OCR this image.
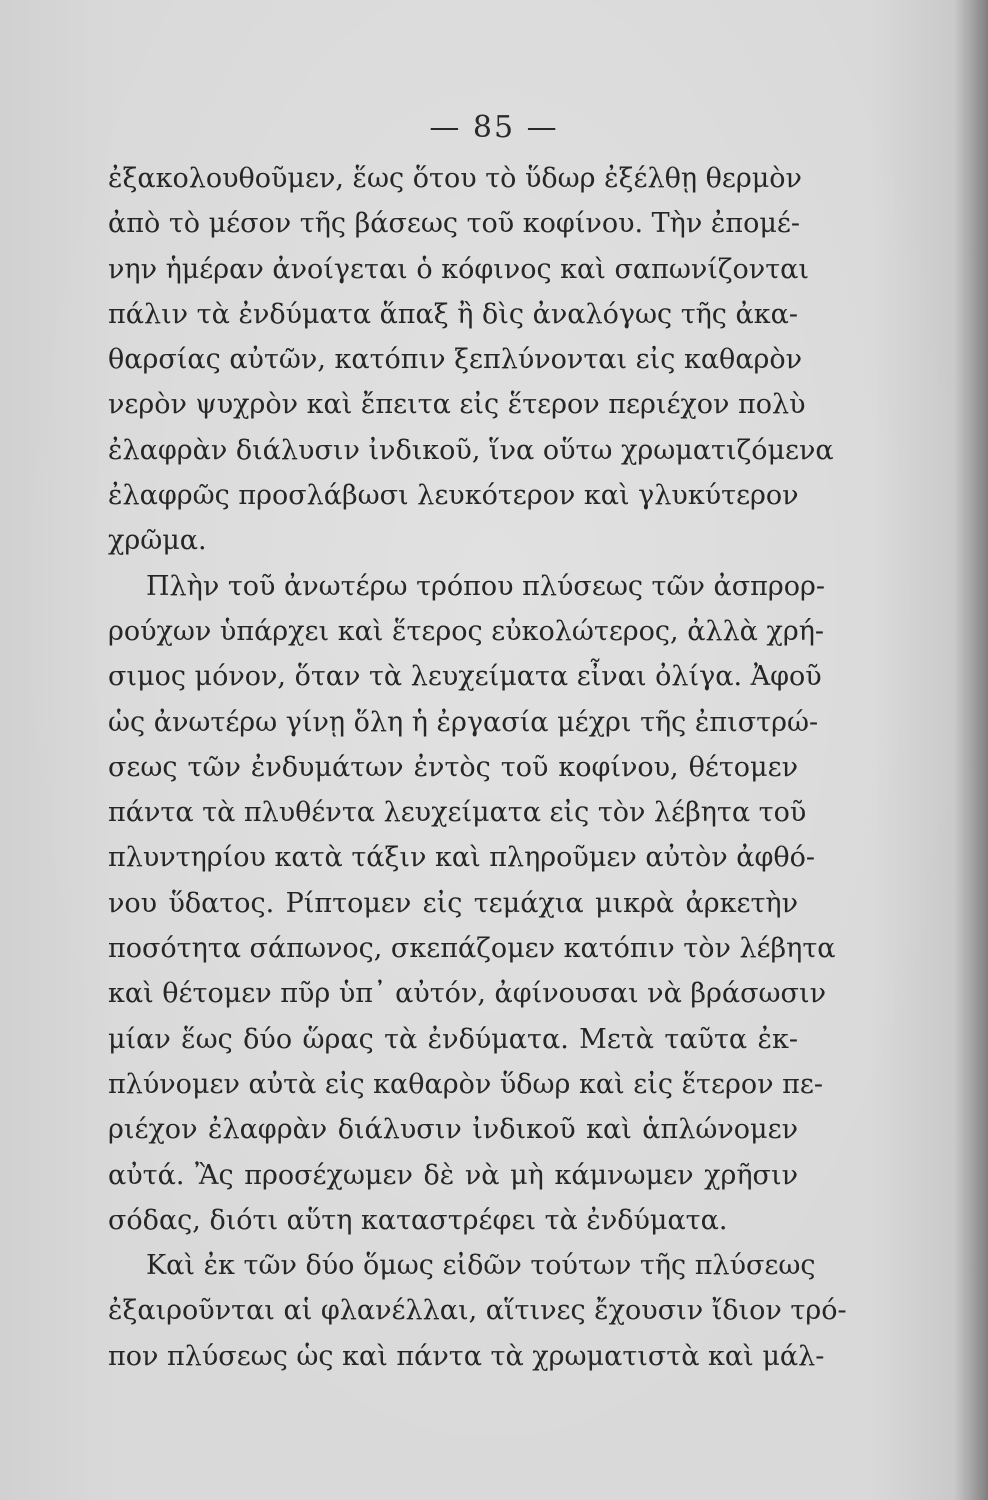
— 85 —
ἐξακολουθοῦμεν, ἕως ὅτου τὸ ὕδωρ ἐξέλθῃ θερμὸν
ἀπὸ τὸ μέσον τῆς βάσεως τοῦ κοφίνου. Τὴν ἐπομέ-
νην ἡμέραν ἀνοίγεται ὁ κόφινος καὶ σαπωνίζονται
πάλιν τὰ ἐνδύματα ἅπαξ ἢ δὶς ἀναλόγως τῆς ἀκα-
θαρσίας αὐτῶν, κατόπιν ξεπλύνονται εἰς καθαρὸν
νερὸν ψυχρὸν καὶ ἔπειτα εἰς ἕτερον περιέχον πολὺ
ἐλαφρὰν διάλυσιν ἰνδικοῦ, ἵνα οὕτω χρωματιζόμενα
ἐλαφρῶς προσλάβωσι λευκότερον καὶ γλυκύτερον
χρῶμα.
Πλὴν τοῦ ἀνωτέρω τρόπου πλύσεως τῶν ἀσπρορ-
ρούχων ὑπάρχει καὶ ἕτερος εὐκολώτερος, ἀλλὰ χρή-
σιμος μόνον, ὅταν τὰ λευχείματα εἶναι ὀλίγα. Ἀφοῦ
ὡς ἀνωτέρω γίνῃ ὅλη ἡ ἐργασία μέχρι τῆς ἐπιστρώ-
σεως τῶν ἐνδυμάτων ἐντὸς τοῦ κοφίνου, θέτομεν
πάντα τὰ πλυθέντα λευχείματα εἰς τὸν λέβητα τοῦ
πλυντηρίου κατὰ τάξιν καὶ πληροῦμεν αὐτὸν ἀφθό-
νου ὕδατος. Ρίπτομεν εἰς τεμάχια μικρὰ ἀρκετὴν
ποσότητα σάπωνος, σκεπάζομεν κατόπιν τὸν λέβητα
καὶ θέτομεν πῦρ ὑπ᾽ αὐτόν, ἀφίνουσαι νὰ βράσωσιν
μίαν ἕως δύο ὥρας τὰ ἐνδύματα. Μετὰ ταῦτα ἐκ-
πλύνομεν αὐτὰ εἰς καθαρὸν ὕδωρ καὶ εἰς ἕτερον πε-
ριέχον ἐλαφρὰν διάλυσιν ἰνδικοῦ καὶ ἁπλώνομεν
αὐτά. Ἂς προσέχωμεν δὲ νὰ μὴ κάμνωμεν χρῆσιν
σόδας, διότι αὕτη καταστρέφει τὰ ἐνδύματα.
Καὶ ἐκ τῶν δύο ὅμως εἰδῶν τούτων τῆς πλύσεως
ἐξαιροῦνται αἱ φλανέλλαι, αἵτινες ἔχουσιν ἴδιον τρό-
πον πλύσεως ὡς καὶ πάντα τὰ χρωματιστὰ καὶ μάλ-
